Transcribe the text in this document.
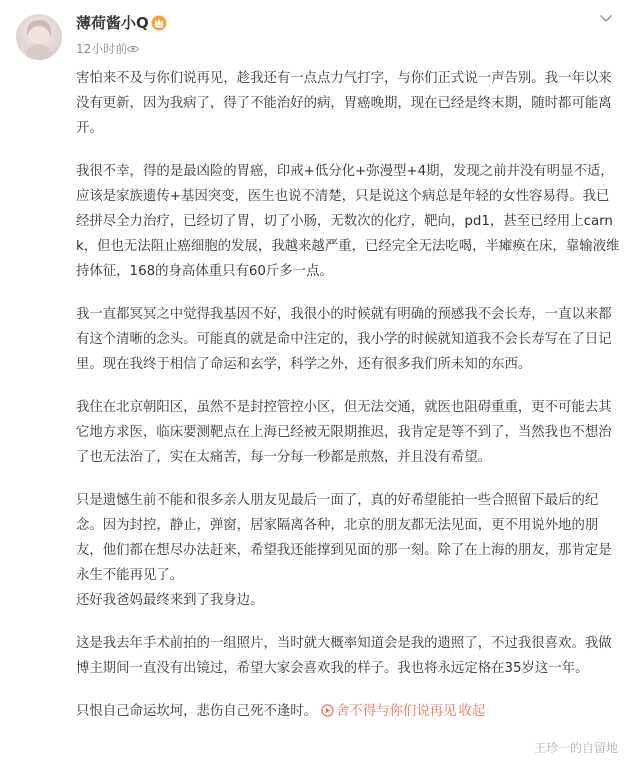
薄荷酱小Q
12小时前

害怕来不及与你们说再见，趁我还有一点点力气打字，与你们正式说一声告别。我一年以来没有更新，因为我病了，得了不能治好的病，胃癌晚期，现在已经是终末期，随时都可能离开。

我很不幸，得的是最凶险的胃癌，印戒+低分化+弥漫型+4期，发现之前并没有明显不适，应该是家族遗传+基因突变，医生也说不清楚，只是说这个病总是年轻的女性容易得。我已经拼尽全力治疗，已经切了胃，切了小肠，无数次的化疗，靶向，pd1，甚至已经用上carnk，但也无法阻止癌细胞的发展，我越来越严重，已经完全无法吃喝，半瘫痪在床，靠输液维持体征，168的身高体重只有60斤多一点。

我一直都冥冥之中觉得我基因不好，我很小的时候就有明确的预感我不会长寿，一直以来都有这个清晰的念头。可能真的就是命中注定的，我小学的时候就知道我不会长寿写在了日记里。现在我终于相信了命运和玄学，科学之外，还有很多我们所未知的东西。

我住在北京朝阳区，虽然不是封控管控小区，但无法交通，就医也阻碍重重，更不可能去其它地方求医，临床要测靶点在上海已经被无限期推迟，我肯定是等不到了，当然我也不想治了也无法治了，实在太痛苦，每一分每一秒都是煎熬，并且没有希望。

只是遗憾生前不能和很多亲人朋友见最后一面了，真的好希望能拍一些合照留下最后的纪念。因为封控，静止，弹窗，居家隔离各种，北京的朋友都无法见面，更不用说外地的朋友，他们都在想尽办法赶来，希望我还能撑到见面的那一刻。除了在上海的朋友，那肯定是永生不能再见了。
还好我爸妈最终来到了我身边。

这是我去年手术前拍的一组照片，当时就大概率知道会是我的遗照了，不过我很喜欢。我做博主期间一直没有出镜过，希望大家会喜欢我的样子。我也将永远定格在35岁这一年。

只恨自己命运坎坷，悲伤自己死不逢时。 舍不得与你们说再见 收起

王珍一的自留地
